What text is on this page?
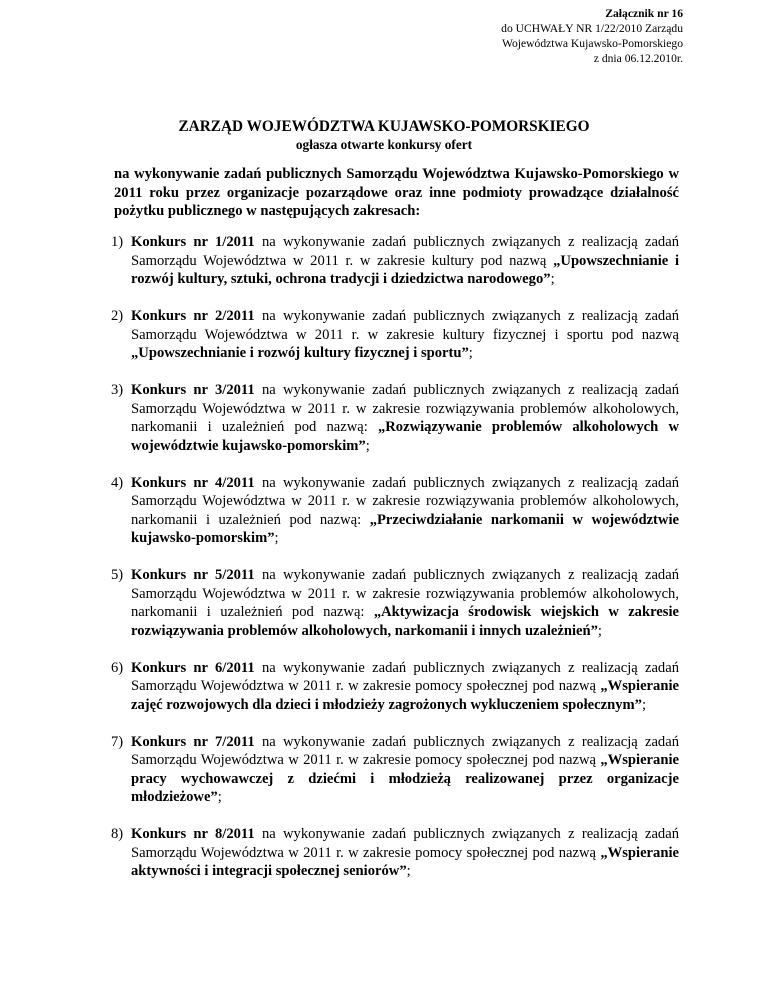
Załącznik nr 16
do UCHWAŁY NR 1/22/2010 Zarządu
Województwa Kujawsko-Pomorskiego
z dnia 06.12.2010r.
ZARZĄD WOJEWÓDZTWA KUJAWSKO-POMORSKIEGO
ogłasza otwarte konkursy ofert
na wykonywanie zadań publicznych Samorządu Województwa Kujawsko-Pomorskiego w 2011 roku przez organizacje pozarządowe oraz inne podmioty prowadzące działalność pożytku publicznego w następujących zakresach:
1) Konkurs nr 1/2011 na wykonywanie zadań publicznych związanych z realizacją zadań Samorządu Województwa w 2011 r. w zakresie kultury pod nazwą „Upowszechnianie i rozwój kultury, sztuki, ochrona tradycji i dziedzictwa narodowego”;
2) Konkurs nr 2/2011 na wykonywanie zadań publicznych związanych z realizacją zadań Samorządu Województwa w 2011 r. w zakresie kultury fizycznej i sportu pod nazwą „Upowszechnianie i rozwój kultury fizycznej i sportu”;
3) Konkurs nr 3/2011 na wykonywanie zadań publicznych związanych z realizacją zadań Samorządu Województwa w 2011 r. w zakresie rozwiązywania problemów alkoholowych, narkomanii i uzależnień pod nazwą: „Rozwiązywanie problemów alkoholowych w województwie kujawsko-pomorskim”;
4) Konkurs nr 4/2011 na wykonywanie zadań publicznych związanych z realizacją zadań Samorządu Województwa w 2011 r. w zakresie rozwiązywania problemów alkoholowych, narkomanii i uzależnień pod nazwą: „Przeciwdziałanie narkomanii w województwie kujawsko-pomorskim”;
5) Konkurs nr 5/2011 na wykonywanie zadań publicznych związanych z realizacją zadań Samorządu Województwa w 2011 r. w zakresie rozwiązywania problemów alkoholowych, narkomanii i uzależnień pod nazwą: „Aktywizacja środowisk wiejskich w zakresie rozwiązywania problemów alkoholowych, narkomanii i innych uzależnień”;
6) Konkurs nr 6/2011 na wykonywanie zadań publicznych związanych z realizacją zadań Samorządu Województwa w 2011 r. w zakresie pomocy społecznej pod nazwą „Wspieranie zajęć rozwojowych dla dzieci i młodzieży zagrożonych wykluczeniem społecznym”;
7) Konkurs nr 7/2011 na wykonywanie zadań publicznych związanych z realizacją zadań Samorządu Województwa w 2011 r. w zakresie pomocy społecznej pod nazwą „Wspieranie pracy wychowawczej z dziećmi i młodzieżą realizowanej przez organizacje młodzieżowe”;
8) Konkurs nr 8/2011 na wykonywanie zadań publicznych związanych z realizacją zadań Samorządu Województwa w 2011 r. w zakresie pomocy społecznej pod nazwą „Wspieranie aktywności i integracji społecznej seniorów”;
